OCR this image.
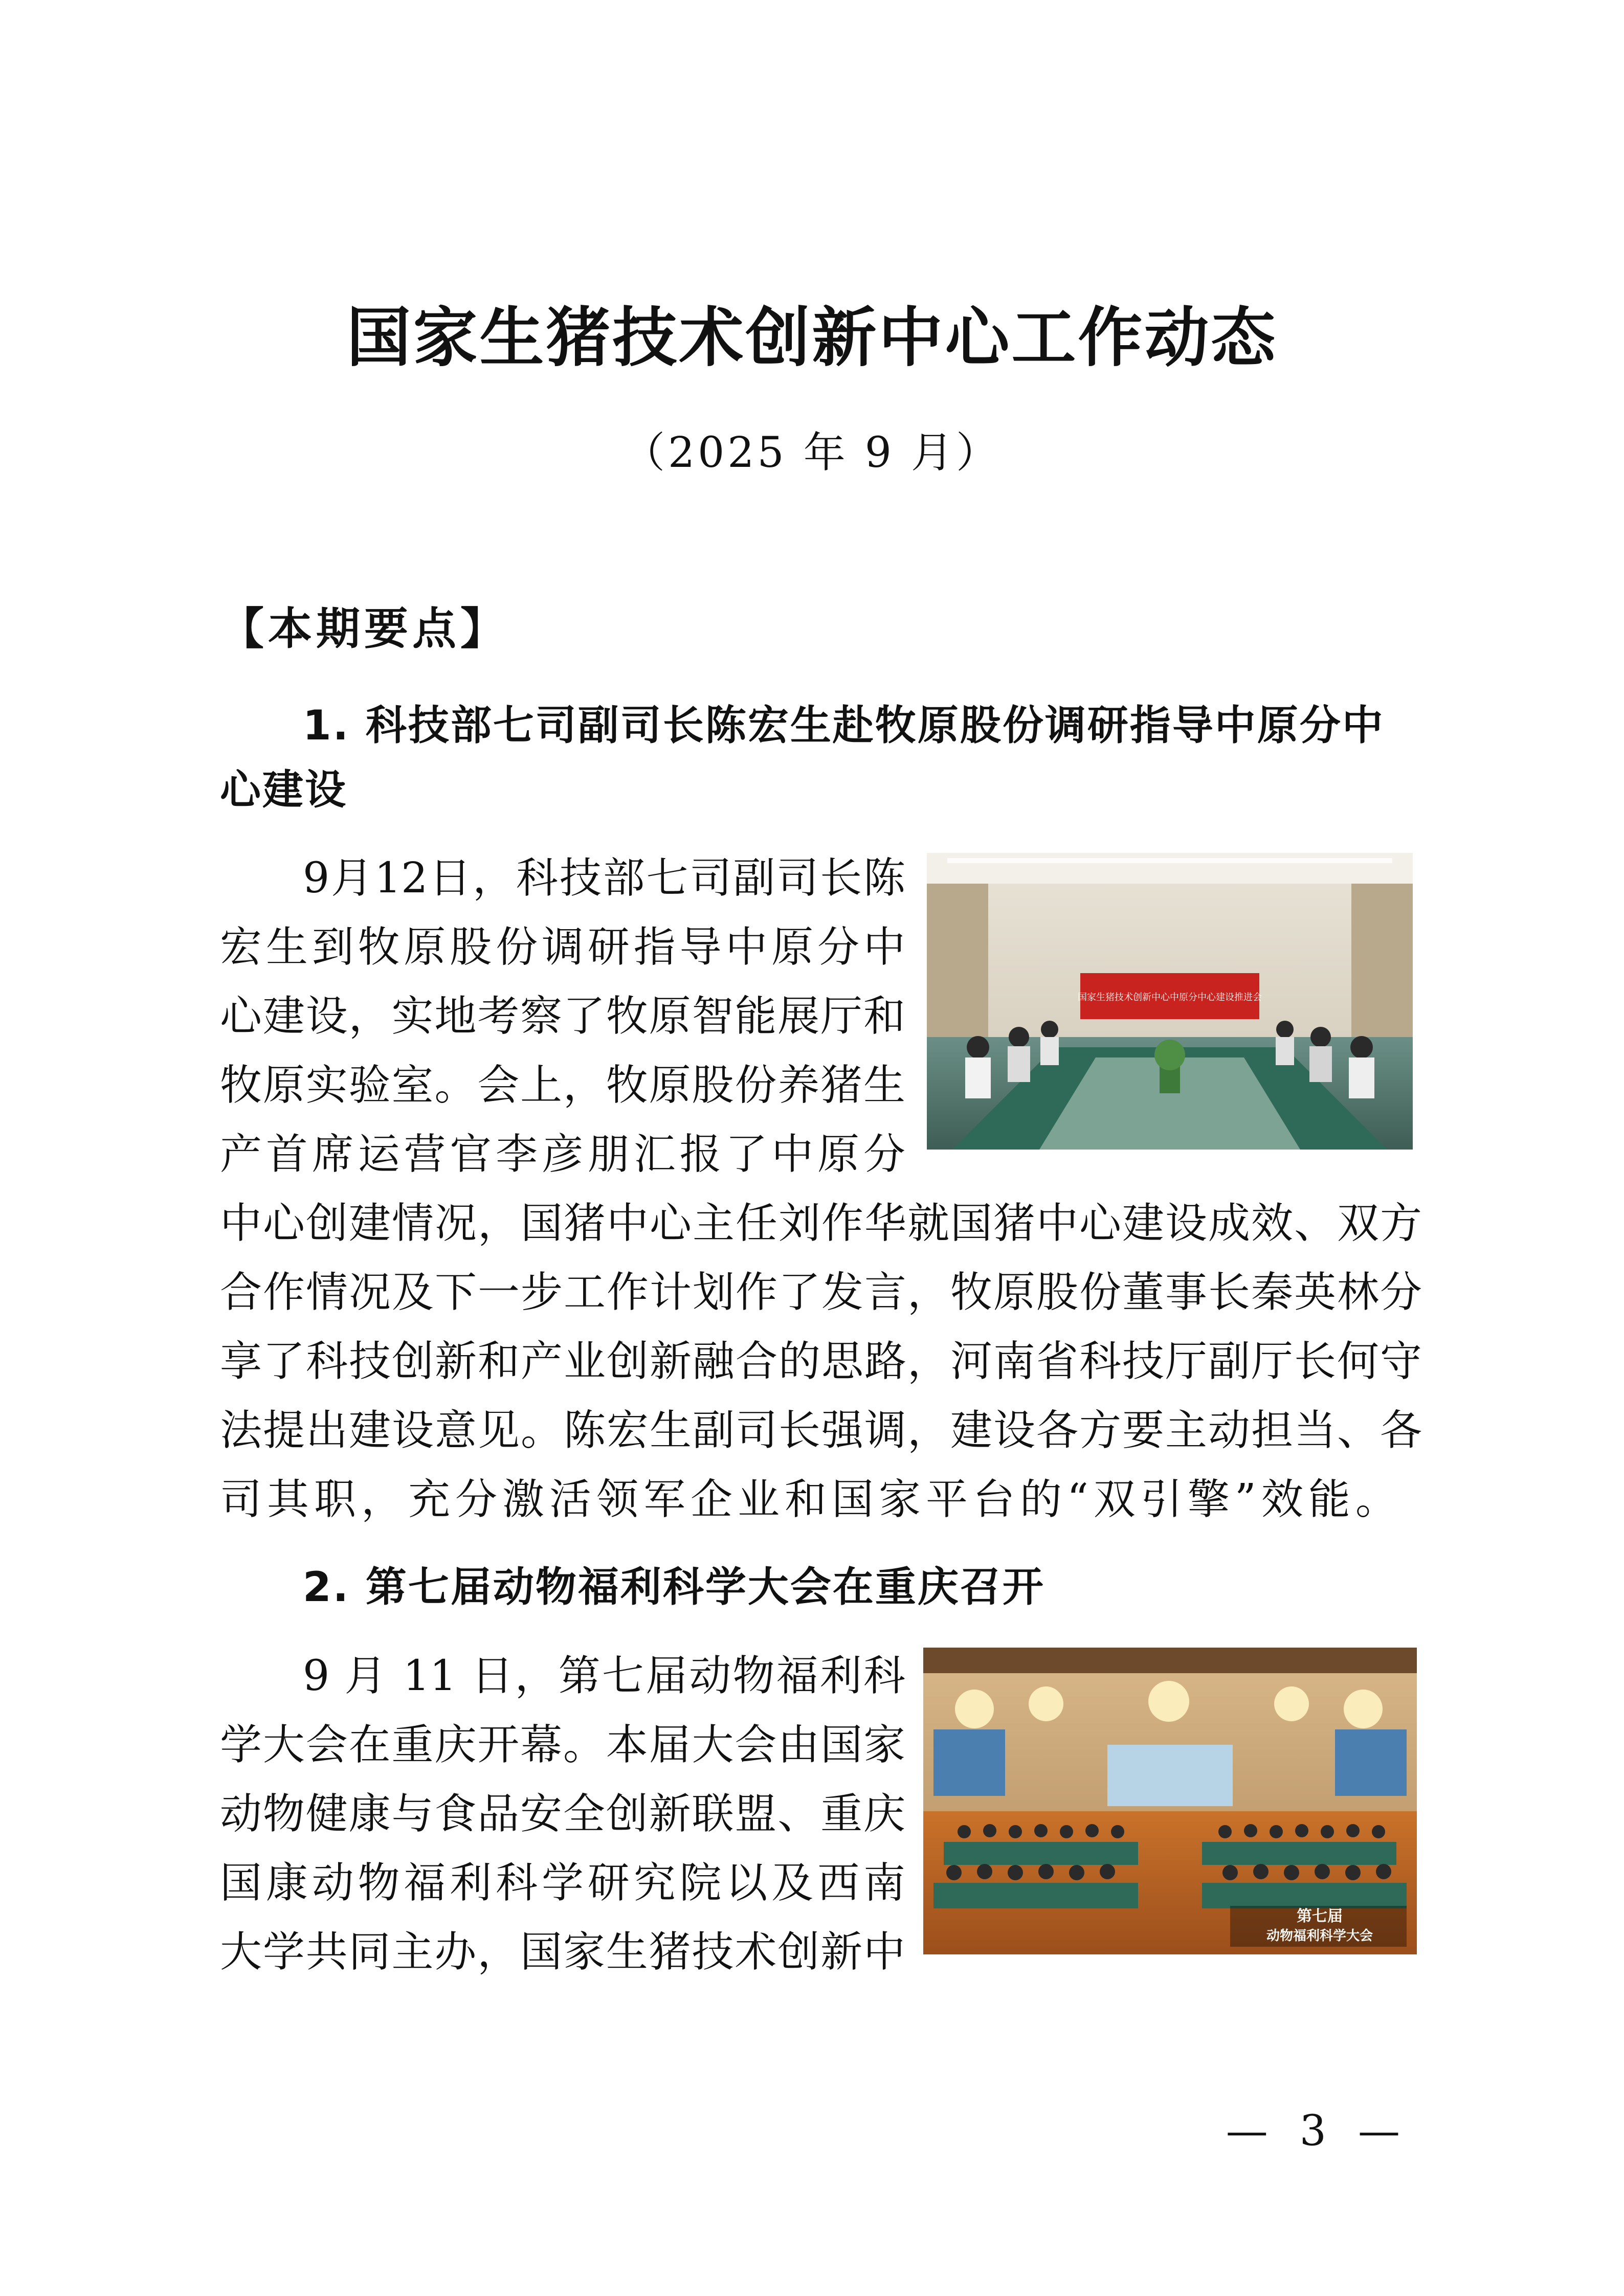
国家生猪技术创新中心工作动态
（2025 年 9 月）
【本期要点】
1. 科技部七司副司长陈宏生赴牧原股份调研指导中原分中
心建设
9月12日，科技部七司副司长陈
宏生到牧原股份调研指导中原分中
心建设，实地考察了牧原智能展厅和
牧原实验室。会上，牧原股份养猪生
产首席运营官李彦朋汇报了中原分
国家生猪技术创新中心中原分中心建设推进会
中心创建情况，国猪中心主任刘作华就国猪中心建设成效、双方
合作情况及下一步工作计划作了发言，牧原股份董事长秦英林分
享了科技创新和产业创新融合的思路，河南省科技厅副厅长何守
法提出建设意见。陈宏生副司长强调，建设各方要主动担当、各
司其职，充分激活领军企业和国家平台的“双引擎”效能。
2. 第七届动物福利科学大会在重庆召开
9 月 11 日，第七届动物福利科
学大会在重庆开幕。本届大会由国家
动物健康与食品安全创新联盟、重庆
国康动物福利科学研究院以及西南
大学共同主办，国家生猪技术创新中
第七届
动物福利科学大会
— 3 —
